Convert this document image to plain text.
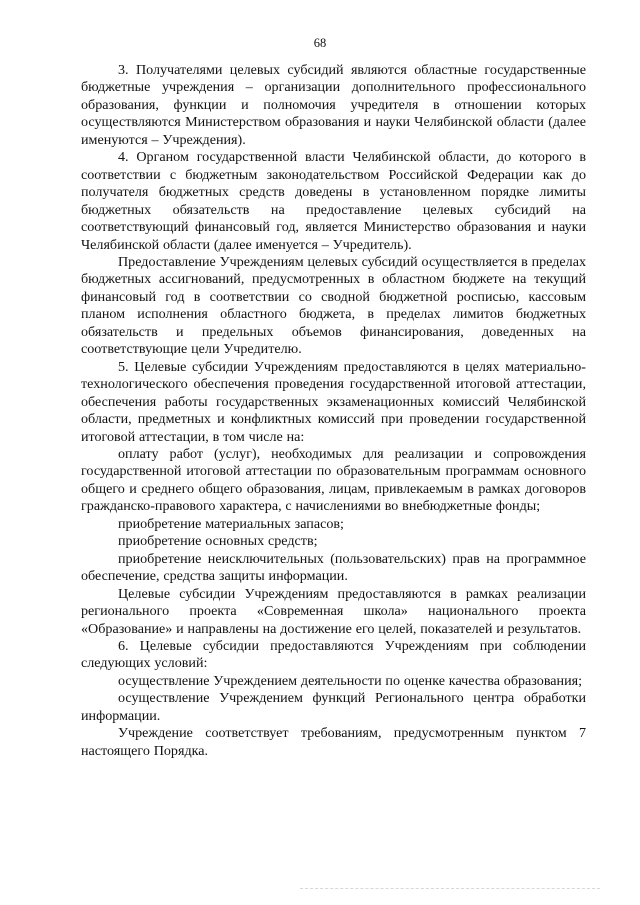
68

3. Получателями целевых субсидий являются областные государственные бюджетные учреждения – организации дополнительного профессионального образования, функции и полномочия учредителя в отношении которых осуществляются Министерством образования и науки Челябинской области (далее именуются – Учреждения).

4. Органом государственной власти Челябинской области, до которого в соответствии с бюджетным законодательством Российской Федерации как до получателя бюджетных средств доведены в установленном порядке лимиты бюджетных обязательств на предоставление целевых субсидий на соответствующий финансовый год, является Министерство образования и науки Челябинской области (далее именуется – Учредитель).

Предоставление Учреждениям целевых субсидий осуществляется в пределах бюджетных ассигнований, предусмотренных в областном бюджете на текущий финансовый год в соответствии со сводной бюджетной росписью, кассовым планом исполнения областного бюджета, в пределах лимитов бюджетных обязательств и предельных объемов финансирования, доведенных на соответствующие цели Учредителю.

5. Целевые субсидии Учреждениям предоставляются в целях материально-технологического обеспечения проведения государственной итоговой аттестации, обеспечения работы государственных экзаменационных комиссий Челябинской области, предметных и конфликтных комиссий при проведении государственной итоговой аттестации, в том числе на:

оплату работ (услуг), необходимых для реализации и сопровождения государственной итоговой аттестации по образовательным программам основного общего и среднего общего образования, лицам, привлекаемым в рамках договоров гражданско-правового характера, с начислениями во внебюджетные фонды;

приобретение материальных запасов;

приобретение основных средств;

приобретение неисключительных (пользовательских) прав на программное обеспечение, средства защиты информации.

Целевые субсидии Учреждениям предоставляются в рамках реализации регионального проекта «Современная школа» национального проекта «Образование» и направлены на достижение его целей, показателей и результатов.

6. Целевые субсидии предоставляются Учреждениям при соблюдении следующих условий:

осуществление Учреждением деятельности по оценке качества образования;

осуществление Учреждением функций Регионального центра обработки информации.

Учреждение соответствует требованиям, предусмотренным пунктом 7 настоящего Порядка.
